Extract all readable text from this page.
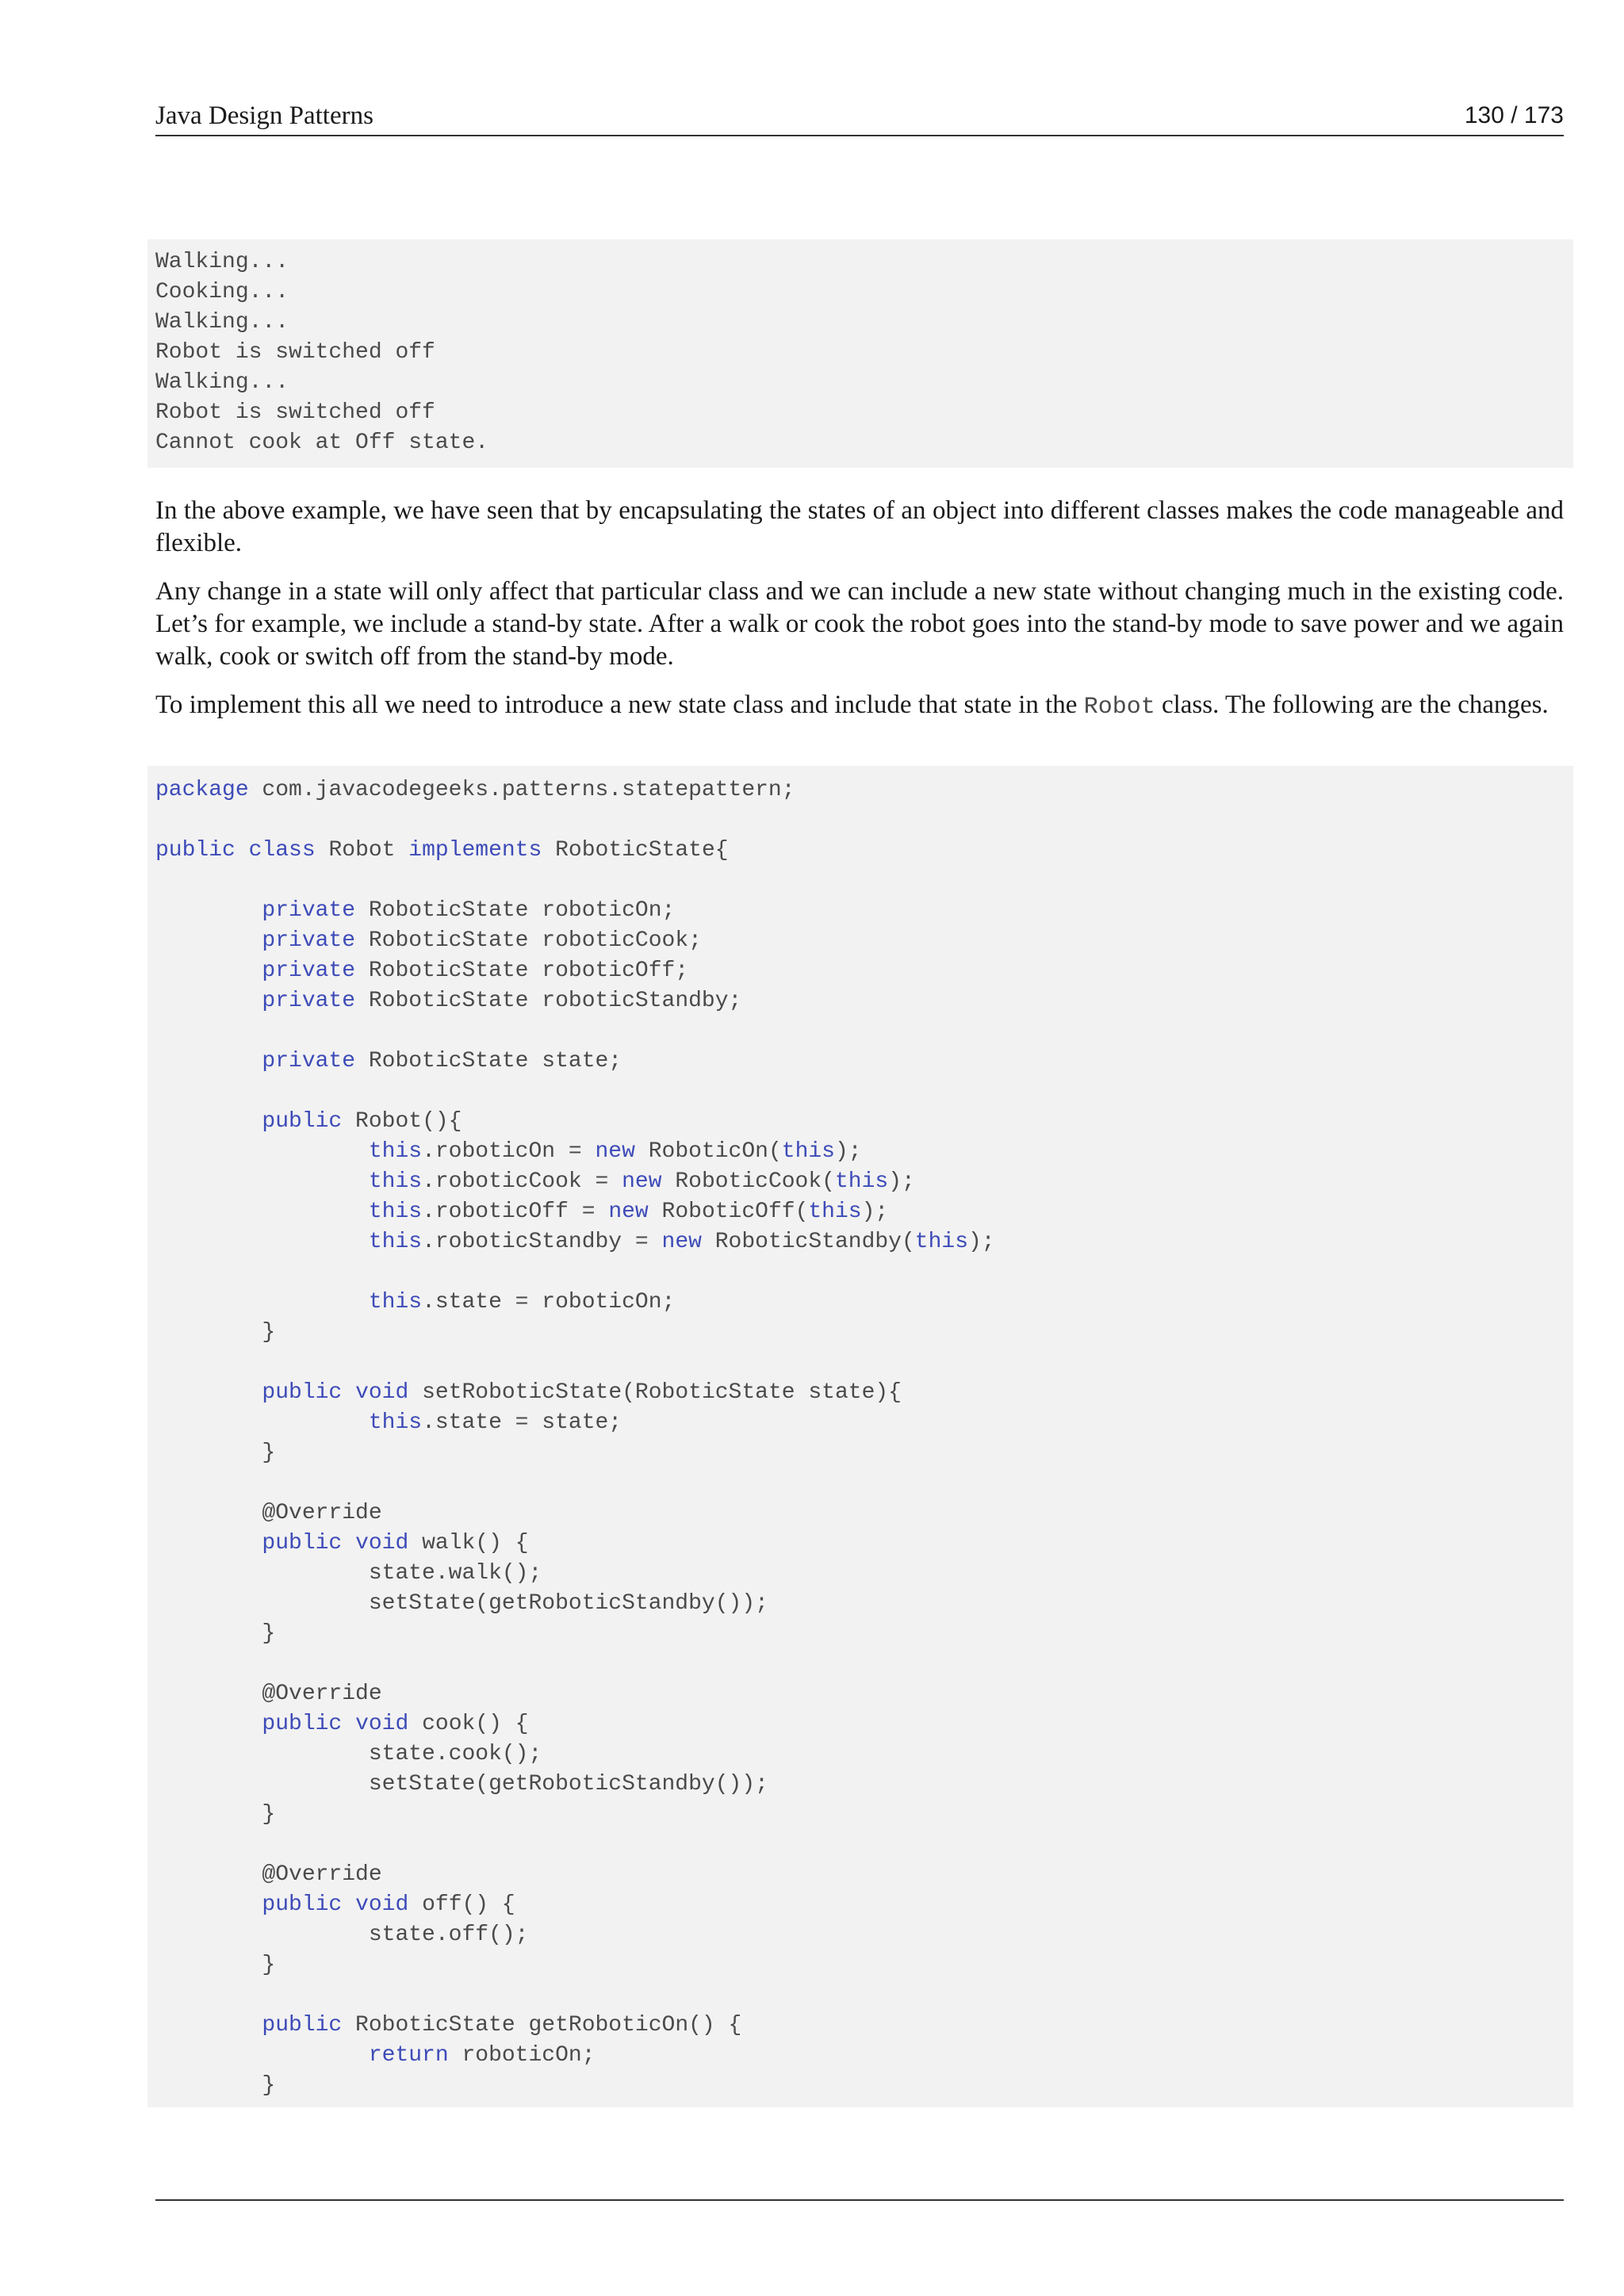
Java Design Patterns	130 / 173
Walking...
Cooking...
Walking...
Robot is switched off
Walking...
Robot is switched off
Cannot cook at Off state.

In the above example, we have seen that by encapsulating the states of an object into different classes makes the code manageable and flexible.

Any change in a state will only affect that particular class and we can include a new state without changing much in the existing code. Let’s for example, we include a stand-by state. After a walk or cook the robot goes into the stand-by mode to save power and we again walk, cook or switch off from the stand-by mode.

To implement this all we need to introduce a new state class and include that state in the Robot class. The following are the changes.

package com.javacodegeeks.patterns.statepattern;
public class Robot implements RoboticState{
private RoboticState roboticOn;
private RoboticState roboticCook;
private RoboticState roboticOff;
private RoboticState roboticStandby;
private RoboticState state;
public Robot(){
this.roboticOn = new RoboticOn(this);
this.roboticCook = new RoboticCook(this);
this.roboticOff = new RoboticOff(this);
this.roboticStandby = new RoboticStandby(this);
this.state = roboticOn;
}
public void setRoboticState(RoboticState state){
this.state = state;
}
@Override
public void walk() {
state.walk();
setState(getRoboticStandby());
}
@Override
public void cook() {
state.cook();
setState(getRoboticStandby());
}
@Override
public void off() {
state.off();
}
public RoboticState getRoboticOn() {
return roboticOn;
}
